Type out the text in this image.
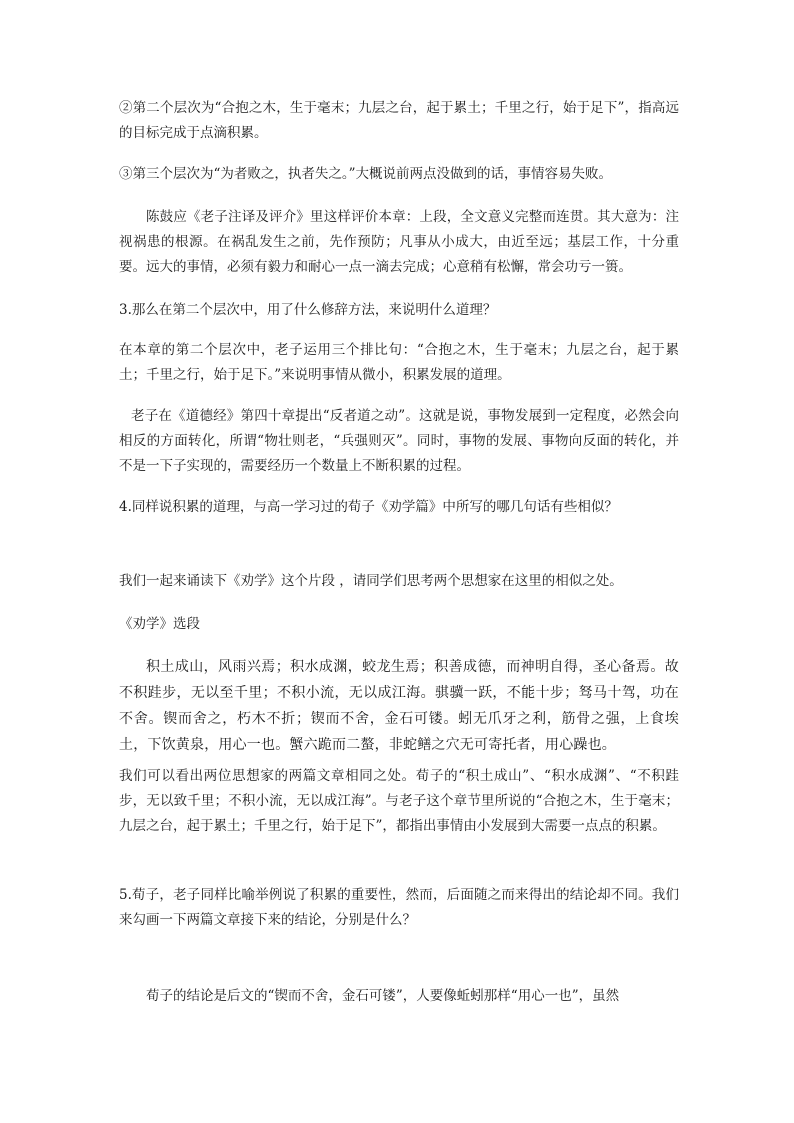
②第二个层次为“合抱之木，生于毫末；九层之台，起于累土；千里之行，始于足下”，指高远的目标完成于点滴积累。

③第三个层次为“为者败之，执者失之。”大概说前两点没做到的话，事情容易失败。

陈鼓应《老子注译及评介》里这样评价本章：上段，全文意义完整而连贯。其大意为：注视祸患的根源。在祸乱发生之前，先作预防；凡事从小成大，由近至远；基层工作，十分重要。远大的事情，必须有毅力和耐心一点一滴去完成；心意稍有松懈，常会功亏一篑。

3.那么在第二个层次中，用了什么修辞方法，来说明什么道理？

在本章的第二个层次中，老子运用三个排比句：“合抱之木，生于毫末；九层之台，起于累土；千里之行，始于足下。”来说明事情从微小，积累发展的道理。

老子在《道德经》第四十章提出“反者道之动”。这就是说，事物发展到一定程度，必然会向相反的方面转化，所谓“物壮则老，“兵强则灭”。同时，事物的发展、事物向反面的转化，并不是一下子实现的，需要经历一个数量上不断积累的过程。

4.同样说积累的道理，与高一学习过的荀子《劝学篇》中所写的哪几句话有些相似？

我们一起来诵读下《劝学》这个片段 ，请同学们思考两个思想家在这里的相似之处。

《劝学》选段

积土成山，风雨兴焉；积水成渊，蛟龙生焉；积善成德，而神明自得，圣心备焉。故不积跬步，无以至千里；不积小流，无以成江海。骐骥一跃，不能十步；驽马十驾，功在不舍。锲而舍之，朽木不折；锲而不舍，金石可镂。蚓无爪牙之利，筋骨之强，上食埃土，下饮黄泉，用心一也。蟹六跪而二螯，非蛇鳝之穴无可寄托者，用心躁也。

我们可以看出两位思想家的两篇文章相同之处。荀子的“积土成山”、“积水成渊”、“不积跬步，无以致千里；不积小流，无以成江海”。与老子这个章节里所说的“合抱之木，生于毫末；九层之台，起于累土；千里之行，始于足下”，都指出事情由小发展到大需要一点点的积累。

5.荀子，老子同样比喻举例说了积累的重要性，然而，后面随之而来得出的结论却不同。我们来勾画一下两篇文章接下来的结论，分别是什么？

荀子的结论是后文的“锲而不舍，金石可镂”，人要像蚯蚓那样“用心一也”，虽然
